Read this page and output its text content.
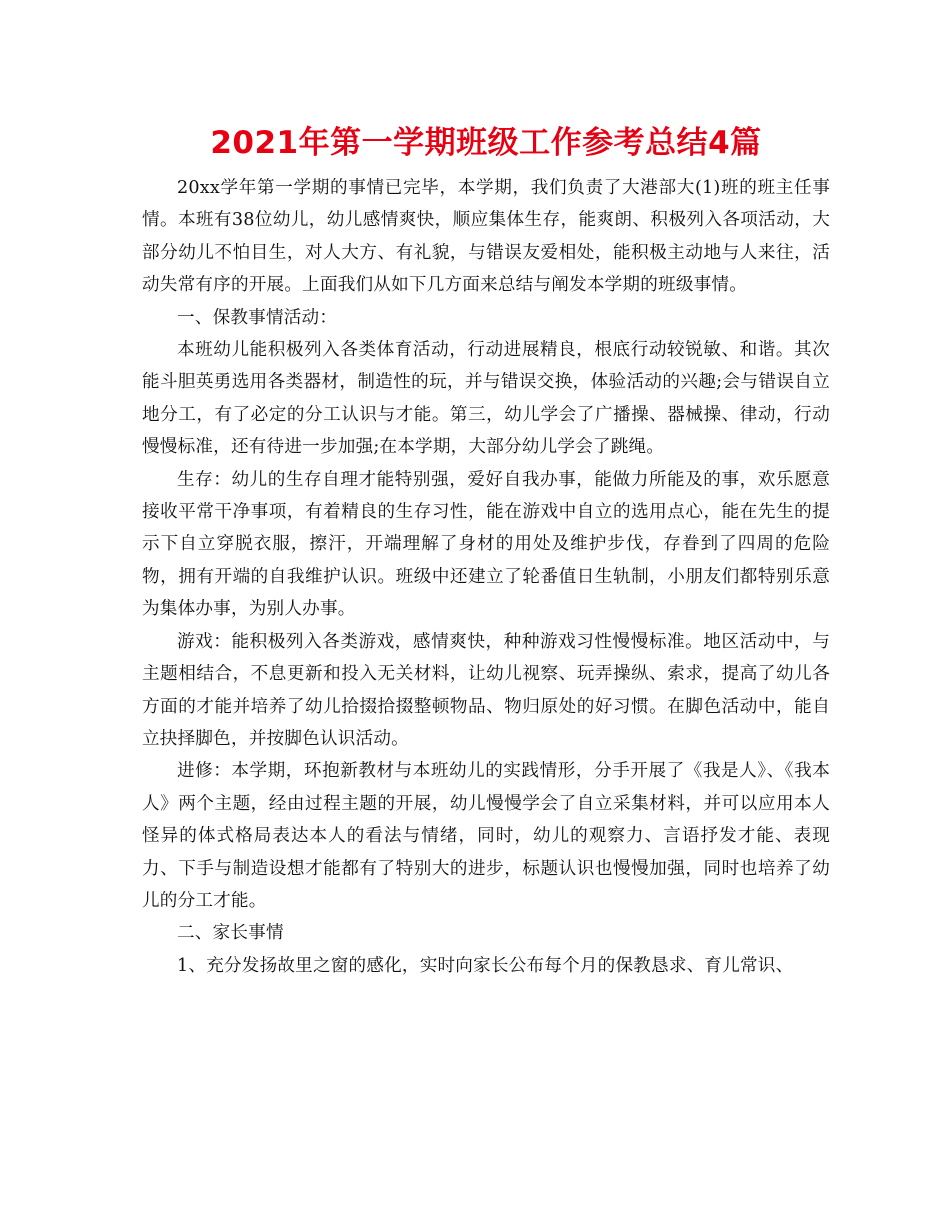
2021年第一学期班级工作参考总结4篇

20xx学年第一学期的事情已完毕，本学期，我们负责了大港部大(1)班的班主任事情。本班有38位幼儿，幼儿感情爽快，顺应集体生存，能爽朗、积极列入各项活动，大部分幼儿不怕目生，对人大方、有礼貌，与错误友爱相处，能积极主动地与人来往，活动失常有序的开展。上面我们从如下几方面来总结与阐发本学期的班级事情。

一、保教事情活动：

本班幼儿能积极列入各类体育活动，行动进展精良，根底行动较锐敏、和谐。其次能斗胆英勇选用各类器材，制造性的玩，并与错误交换，体验活动的兴趣;会与错误自立地分工，有了必定的分工认识与才能。第三，幼儿学会了广播操、器械操、律动，行动慢慢标准，还有待进一步加强;在本学期，大部分幼儿学会了跳绳。

生存：幼儿的生存自理才能特别强，爱好自我办事，能做力所能及的事，欢乐愿意接收平常干净事项，有着精良的生存习性，能在游戏中自立的选用点心，能在先生的提示下自立穿脱衣服，擦汗，开端理解了身材的用处及维护步伐，存眷到了四周的危险物，拥有开端的自我维护认识。班级中还建立了轮番值日生轨制，小朋友们都特别乐意为集体办事，为别人办事。

游戏：能积极列入各类游戏，感情爽快，种种游戏习性慢慢标准。地区活动中，与主题相结合，不息更新和投入无关材料，让幼儿视察、玩弄操纵、索求，提高了幼儿各方面的才能并培养了幼儿拾掇拾掇整顿物品、物归原处的好习惯。在脚色活动中，能自立抉择脚色，并按脚色认识活动。

进修：本学期，环抱新教材与本班幼儿的实践情形，分手开展了《我是人》、《我本人》两个主题，经由过程主题的开展，幼儿慢慢学会了自立采集材料，并可以应用本人怪异的体式格局表达本人的看法与情绪，同时，幼儿的观察力、言语抒发才能、表现力、下手与制造设想才能都有了特别大的进步，标题认识也慢慢加强，同时也培养了幼儿的分工才能。

二、家长事情

1、充分发扬故里之窗的感化，实时向家长公布每个月的保教恳求、育儿常识、
